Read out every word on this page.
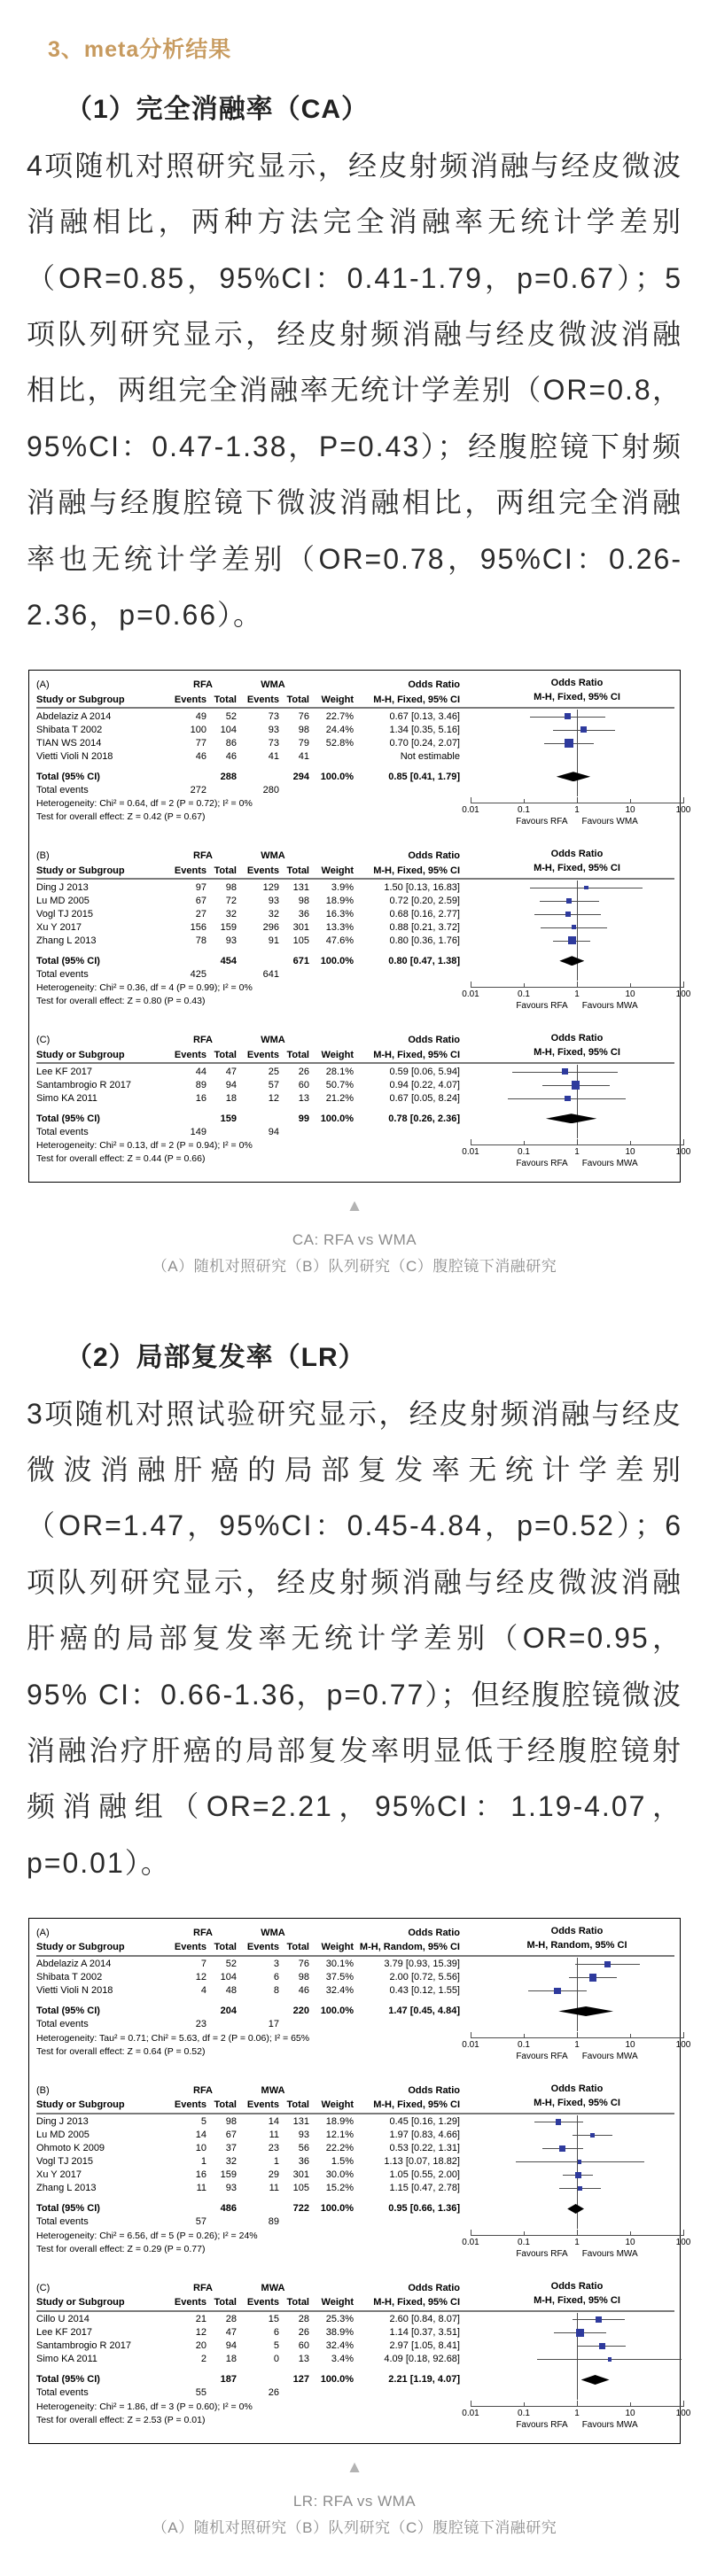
3、meta分析结果
（1）完全消融率（CA）

4项随机对照研究显示，经皮射频消融与经皮微波消融相比，两种方法完全消融率无统计学差别（OR=0.85，95%CI：0.41-1.79，p=0.67）；5项队列研究显示，经皮射频消融与经皮微波消融相比，两组完全消融率无统计学差别（OR=0.8，95%CI：0.47-1.38，P=0.43）；经腹腔镜下射频消融与经腹腔镜下微波消融相比，两组完全消融率也无统计学差别（OR=0.78，95%CI：0.26-2.36，p=0.66）。

(A)	RFA	WMA	Odds Ratio	Odds Ratio
Study or Subgroup	Events Total	Events Total	Weight	M-H, Fixed, 95% CI	M-H, Fixed, 95% CI
Abdelaziz A 2014	49	52	73	76	22.7%	0.67 [0.13, 3.46]
Shibata T 2002	100	104	93	98	24.4%	1.34 [0.35, 5.16]
TIAN WS 2014	77	86	73	79	52.8%	0.70 [0.24, 2.07]
Vietti Violi N 2018	46	46	41	41	Not estimable
Total (95% CI)	288	294	100.0%	0.85 [0.41, 1.79]
Total events	272	280
Heterogeneity: Chi² = 0.64, df = 2 (P = 0.72); I² = 0%
Test for overall effect: Z = 0.42 (P = 0.67)
0.01	0.1	1	10	100
Favours RFA Favours WMA
(B)	RFA	WMA	Odds Ratio	Odds Ratio
Study or Subgroup	Events Total	Events Total	Weight	M-H, Fixed, 95% CI	M-H, Fixed, 95% CI
Ding J 2013	97	98	129	131	3.9%	1.50 [0.13, 16.83]
Lu MD 2005	67	72	93	98	18.9%	0.72 [0.20, 2.59]
Vogl TJ 2015	27	32	32	36	16.3%	0.68 [0.16, 2.77]
Xu Y 2017	156	159	296	301	13.3%	0.88 [0.21, 3.72]
Zhang L 2013	78	93	91	105	47.6%	0.80 [0.36, 1.76]
Total (95% CI)	454	671	100.0%	0.80 [0.47, 1.38]
Total events	425	641
Heterogeneity: Chi² = 0.36, df = 4 (P = 0.99); I² = 0%
Test for overall effect: Z = 0.80 (P = 0.43)
0.01	0.1	1	10	100
Favours RFA Favours MWA
(C)	RFA	WMA	Odds Ratio	Odds Ratio
Study or Subgroup	Events Total	Events Total	Weight	M-H, Fixed, 95% CI	M-H, Fixed, 95% CI
Lee KF 2017	44	47	25	26	28.1%	0.59 [0.06, 5.94]
Santambrogio R 2017	89	94	57	60	50.7%	0.94 [0.22, 4.07]
Simo KA 2011	16	18	12	13	21.2%	0.67 [0.05, 8.24]
Total (95% CI)	159	99	100.0%	0.78 [0.26, 2.36]
Total events	149	94
Heterogeneity: Chi² = 0.13, df = 2 (P = 0.94); I² = 0%
Test for overall effect: Z = 0.44 (P = 0.66)
0.01	0.1	1	10	100
Favours RFA Favours MWA
▲
CA: RFA vs WMA
（A）随机对照研究（B）队列研究（C）腹腔镜下消融研究
（2）局部复发率（LR）

3项随机对照试验研究显示，经皮射频消融与经皮微波消融肝癌的局部复发率无统计学差别（OR=1.47，95%CI：0.45-4.84，p=0.52）；6项队列研究显示，经皮射频消融与经皮微波消融肝癌的局部复发率无统计学差别（OR=0.95，95% CI：0.66-1.36，p=0.77）；但经腹腔镜微波消融治疗肝癌的局部复发率明显低于经腹腔镜射频消融组（OR=2.21，95%CI：1.19-4.07，p=0.01）。

(A)	RFA	WMA	Odds Ratio	Odds Ratio
Study or Subgroup	Events Total	Events Total	Weight M-H, Random, 95% CI	M-H, Random, 95% CI
Abdelaziz A 2014	7	52	3	76	30.1%	3.79 [0.93, 15.39]
Shibata T 2002	12	104	6	98	37.5%	2.00 [0.72, 5.56]
Vietti Violi N 2018	4	48	8	46	32.4%	0.43 [0.12, 1.55]
Total (95% CI)	204	220	100.0%	1.47 [0.45, 4.84]
Total events	23	17
Heterogeneity: Tau² = 0.71; Chi² = 5.63, df = 2 (P = 0.06); I² = 65%
Test for overall effect: Z = 0.64 (P = 0.52)
0.01	0.1	1	10	100
Favours RFA Favours MWA
(B)	RFA	MWA	Odds Ratio	Odds Ratio
Study or Subgroup	Events Total	Events Total	Weight	M-H, Fixed, 95% CI	M-H, Fixed, 95% CI
Ding J 2013	5	98	14	131	18.9%	0.45 [0.16, 1.29]
Lu MD 2005	14	67	11	93	12.1%	1.97 [0.83, 4.66]
Ohmoto K 2009	10	37	23	56	22.2%	0.53 [0.22, 1.31]
Vogl TJ 2015	1	32	1	36	1.5%	1.13 [0.07, 18.82]
Xu Y 2017	16	159	29	301	30.0%	1.05 [0.55, 2.00]
Zhang L 2013	11	93	11	105	15.2%	1.15 [0.47, 2.78]
Total (95% CI)	486	722	100.0%	0.95 [0.66, 1.36]
Total events	57	89
Heterogeneity: Chi² = 6.56, df = 5 (P = 0.26); I² = 24%
Test for overall effect: Z = 0.29 (P = 0.77)
0.01	0.1	1	10	100
Favours RFA Favours MWA
(C)	RFA	MWA	Odds Ratio	Odds Ratio
Study or Subgroup	Events Total	Events Total	Weight	M-H, Fixed, 95% CI	M-H, Fixed, 95% CI
Cillo U 2014	21	28	15	28	25.3%	2.60 [0.84, 8.07]
Lee KF 2017	12	47	6	26	38.9%	1.14 [0.37, 3.51]
Santambrogio R 2017	20	94	5	60	32.4%	2.97 [1.05, 8.41]
Simo KA 2011	2	18	0	13	3.4%	4.09 [0.18, 92.68]
Total (95% CI)	187	127	100.0%	2.21 [1.19, 4.07]
Total events	55	26
Heterogeneity: Chi² = 1.86, df = 3 (P = 0.60); I² = 0%
Test for overall effect: Z = 2.53 (P = 0.01)
0.01	0.1	1	10	100
Favours RFA Favours MWA
▲
LR: RFA vs WMA
（A）随机对照研究（B）队列研究（C）腹腔镜下消融研究
